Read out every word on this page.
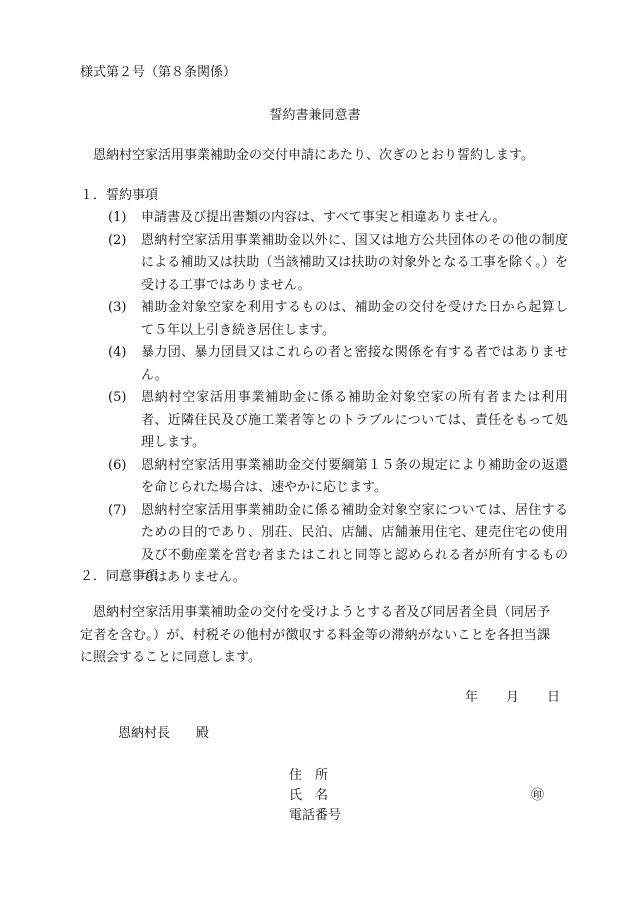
様式第２号（第８条関係）
誓約書兼同意書
恩納村空家活用事業補助金の交付申請にあたり、次ぎのとおり誓約します。
１．誓約事項
(1) 申請書及び提出書類の内容は、すべて事実と相違ありません。
(2) 恩納村空家活用事業補助金以外に、国又は地方公共団体のその他の制度による補助又は扶助（当該補助又は扶助の対象外となる工事を除く。）を受ける工事ではありません。
(3) 補助金対象空家を利用するものは、補助金の交付を受けた日から起算して５年以上引き続き居住します。
(4) 暴力団、暴力団員又はこれらの者と密接な関係を有する者ではありません。
(5) 恩納村空家活用事業補助金に係る補助金対象空家の所有者または利用者、近隣住民及び施工業者等とのトラブルについては、責任をもって処理します。
(6) 恩納村空家活用事業補助金交付要綱第１５条の規定により補助金の返還を命じられた場合は、速やかに応じます。
(7) 恩納村空家活用事業補助金に係る補助金対象空家については、居住するための目的であり、別荘、民泊、店舗、店舗兼用住宅、建売住宅の使用及び不動産業を営む者またはこれと同等と認められる者が所有するものではありません。
２．同意事項
恩納村空家活用事業補助金の交付を受けようとする者及び同居者全員（同居予定者を含む。）が、村税その他村が徴収する料金等の滞納がないことを各担当課に照会することに同意します。
年 月 日
恩納村長 殿
住　所
氏　名
電話番号
㊞
